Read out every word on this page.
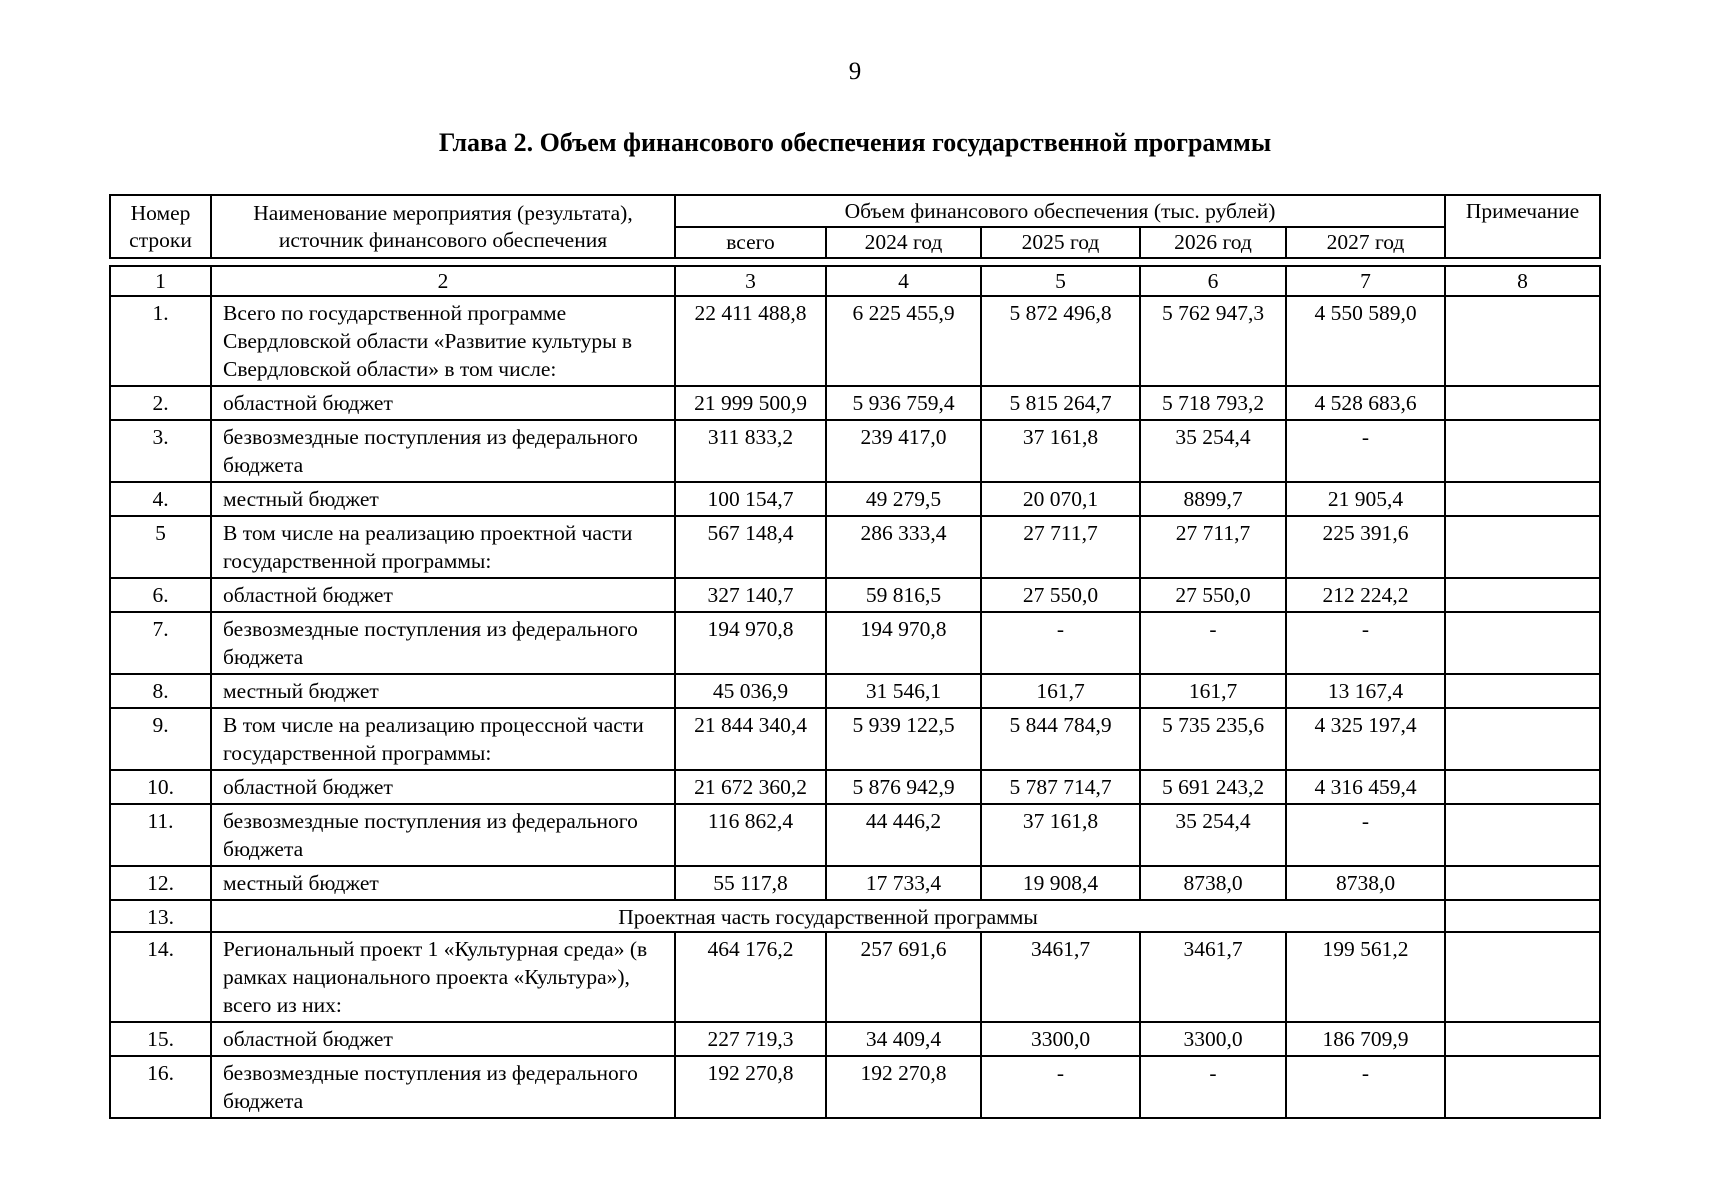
9
Глава 2. Объем финансового обеспечения государственной программы
Номер строки	Наименование мероприятия (результата), источник финансового обеспечения	Объем финансового обеспечения (тыс. рублей)					Примечание
		всего	2024 год	2025 год	2026 год	2027 год	
1	2	3	4	5	6	7	8
1.	Всего по государственной программе Свердловской области «Развитие культуры в Свердловской области» в том числе:	22 411 488,8	6 225 455,9	5 872 496,8	5 762 947,3	4 550 589,0	
2.	областной бюджет	21 999 500,9	5 936 759,4	5 815 264,7	5 718 793,2	4 528 683,6	
3.	безвозмездные поступления из федерального бюджета	311 833,2	239 417,0	37 161,8	35 254,4	-	
4.	местный бюджет	100 154,7	49 279,5	20 070,1	8899,7	21 905,4	
5	В том числе на реализацию проектной части государственной программы:	567 148,4	286 333,4	27 711,7	27 711,7	225 391,6	
6.	областной бюджет	327 140,7	59 816,5	27 550,0	27 550,0	212 224,2	
7.	безвозмездные поступления из федерального бюджета	194 970,8	194 970,8	-	-	-	
8.	местный бюджет	45 036,9	31 546,1	161,7	161,7	13 167,4	
9.	В том числе на реализацию процессной части государственной программы:	21 844 340,4	5 939 122,5	5 844 784,9	5 735 235,6	4 325 197,4	
10.	областной бюджет	21 672 360,2	5 876 942,9	5 787 714,7	5 691 243,2	4 316 459,4	
11.	безвозмездные поступления из федерального бюджета	116 862,4	44 446,2	37 161,8	35 254,4	-	
12.	местный бюджет	55 117,8	17 733,4	19 908,4	8738,0	8738,0	
13.	Проектная часть государственной программы						
14.	Региональный проект 1 «Культурная среда» (в рамках национального проекта «Культура»), всего из них:	464 176,2	257 691,6	3461,7	3461,7	199 561,2	
15.	областной бюджет	227 719,3	34 409,4	3300,0	3300,0	186 709,9	
16.	безвозмездные поступления из федерального бюджета	192 270,8	192 270,8	-	-	-	
